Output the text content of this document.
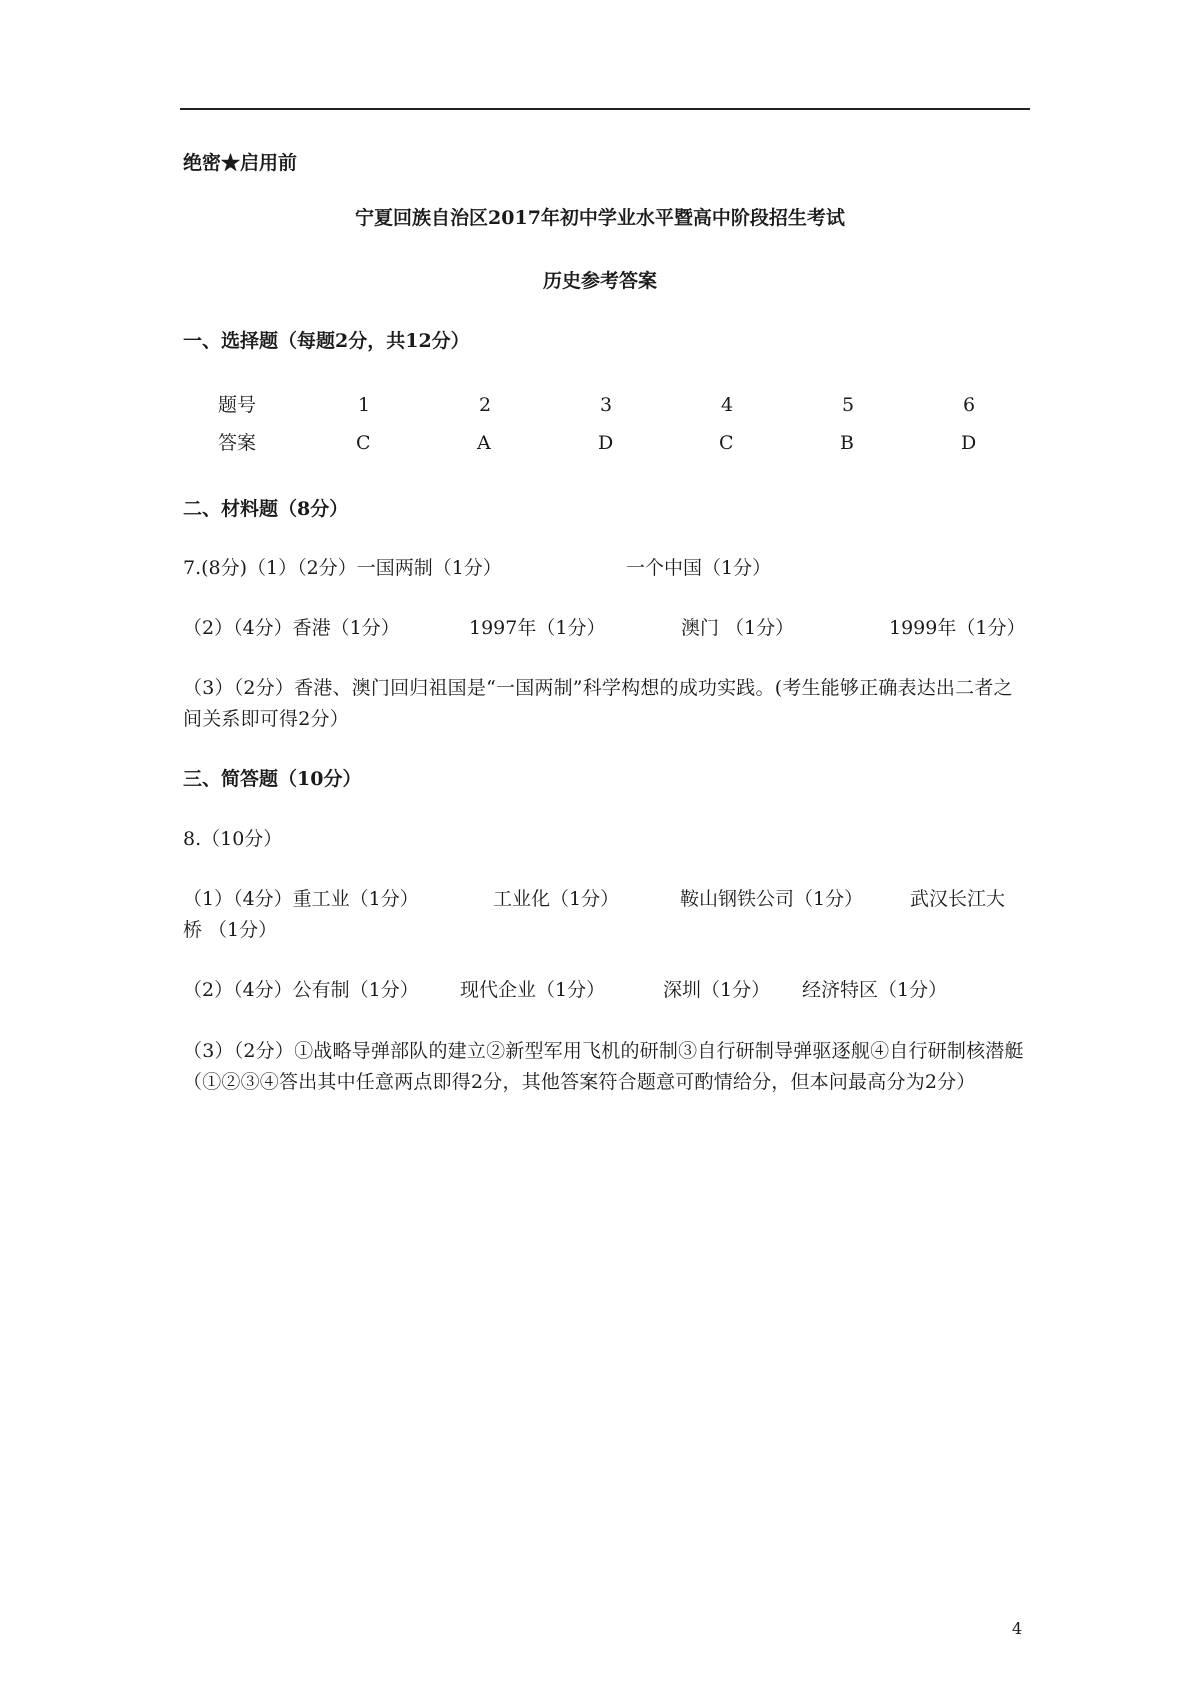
绝密★启用前
宁夏回族自治区2017年初中学业水平暨高中阶段招生考试
历史参考答案
一、选择题（每题2分，共12分）
题号	1	2	3	4	5	6
答案	C	A	D	C	B	D
二、材料题（8分）
7.(8分)（1）（2分）一国两制（1分）	一个中国（1分）
（2）（4分）香港（1分）	1997年（1分）	澳门 （1分）	1999年（1分）
（3）（2分）香港、澳门回归祖国是“一国两制”科学构想的成功实践。(考生能够正确表达出二者之间关系即可得2分）
三、简答题（10分）
8.（10分）
（1）（4分）重工业（1分）	工业化（1分）	鞍山钢铁公司（1分） 武汉长江大
桥 （1分）
（2）（4分）公有制（1分） 现代企业（1分）	深圳（1分） 经济特区（1分）
（3）（2分）①战略导弹部队的建立②新型军用飞机的研制③自行研制导弹驱逐舰④自行研制核潜艇（①②③④答出其中任意两点即得2分，其他答案符合题意可酌情给分，但本问最高分为2分）
4
